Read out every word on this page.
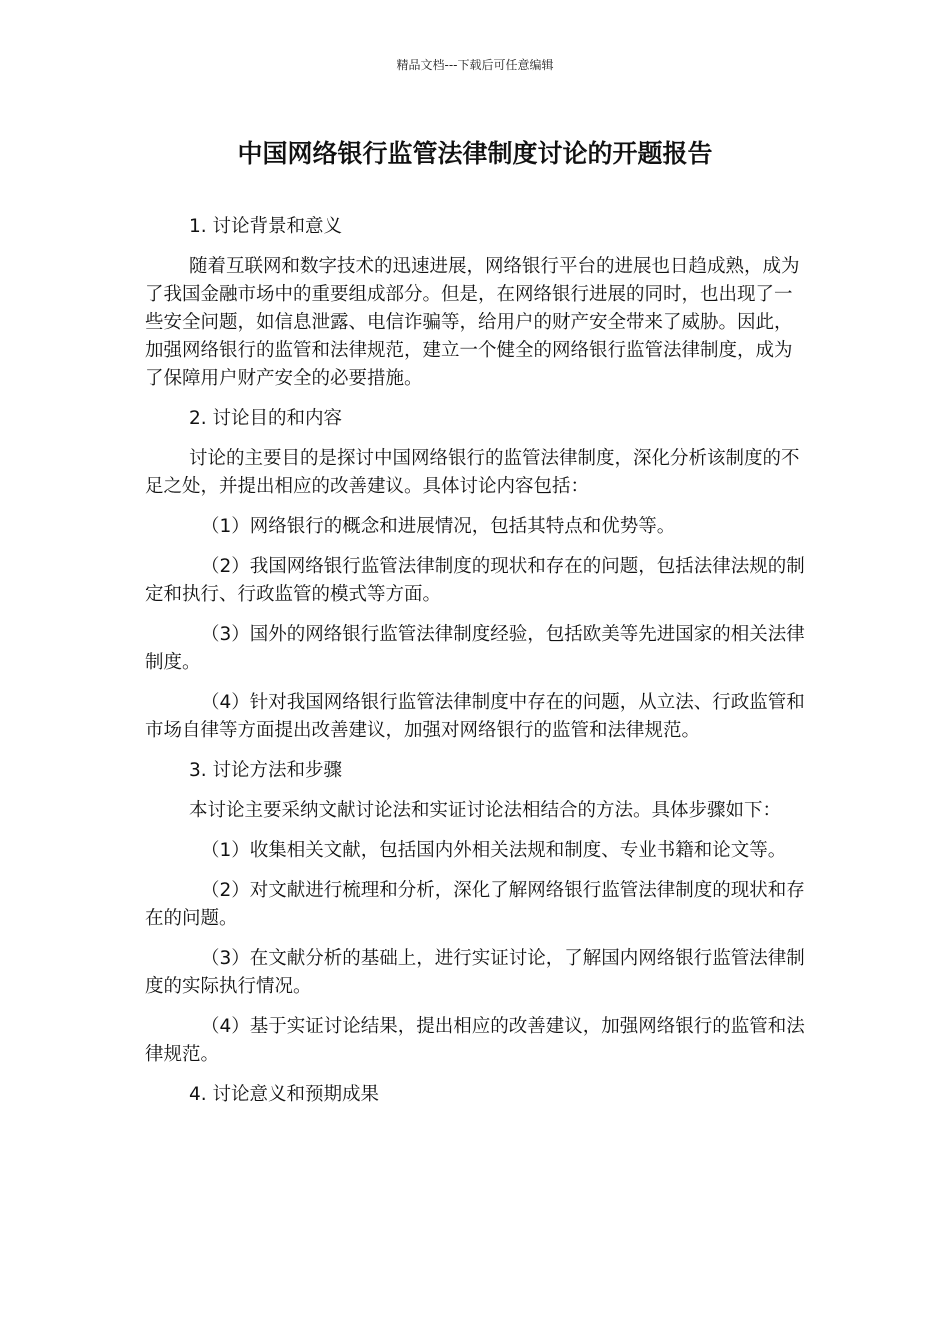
精品文档---下载后可任意编辑
中国网络银行监管法律制度讨论的开题报告

1. 讨论背景和意义

随着互联网和数字技术的迅速进展，网络银行平台的进展也日趋成熟，成为了我国金融市场中的重要组成部分。但是，在网络银行进展的同时，也出现了一些安全问题，如信息泄露、电信诈骗等，给用户的财产安全带来了威胁。因此，加强网络银行的监管和法律规范，建立一个健全的网络银行监管法律制度，成为了保障用户财产安全的必要措施。

2. 讨论目的和内容

讨论的主要目的是探讨中国网络银行的监管法律制度，深化分析该制度的不足之处，并提出相应的改善建议。具体讨论内容包括：

（1）网络银行的概念和进展情况，包括其特点和优势等。

（2）我国网络银行监管法律制度的现状和存在的问题，包括法律法规的制定和执行、行政监管的模式等方面。

（3）国外的网络银行监管法律制度经验，包括欧美等先进国家的相关法律制度。

（4）针对我国网络银行监管法律制度中存在的问题，从立法、行政监管和市场自律等方面提出改善建议，加强对网络银行的监管和法律规范。

3. 讨论方法和步骤

本讨论主要采纳文献讨论法和实证讨论法相结合的方法。具体步骤如下：

（1）收集相关文献，包括国内外相关法规和制度、专业书籍和论文等。

（2）对文献进行梳理和分析，深化了解网络银行监管法律制度的现状和存在的问题。

（3）在文献分析的基础上，进行实证讨论，了解国内网络银行监管法律制度的实际执行情况。

（4）基于实证讨论结果，提出相应的改善建议，加强网络银行的监管和法律规范。

4. 讨论意义和预期成果
